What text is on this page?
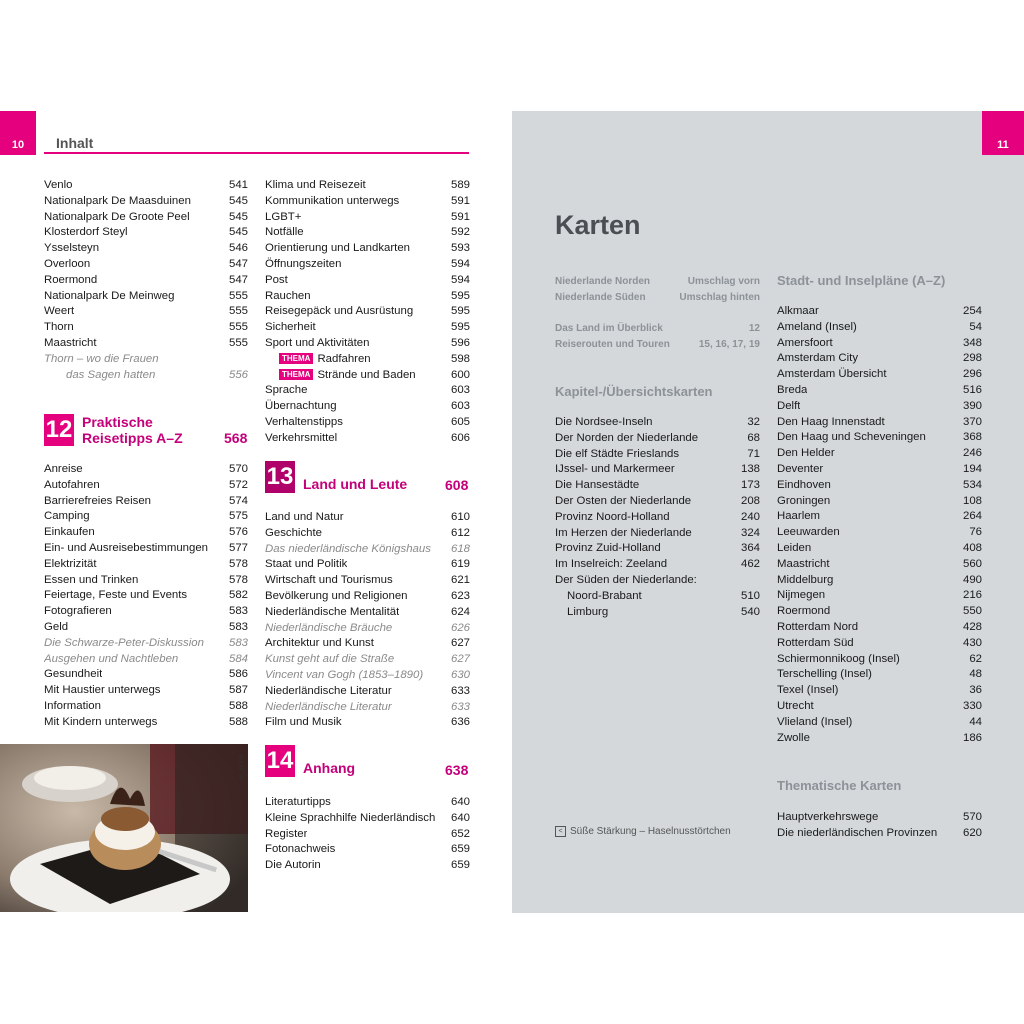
10 Inhalt
Venlo	541
Nationalpark De Maasduinen	545
Nationalpark De Groote Peel	545
Klosterdorf Steyl	545
Ysselsteyn	546
Overloon	547
Roermond	547
Nationalpark De Meinweg	555
Weert	555
Thorn	555
Maastricht	555
Thorn – wo die Frauen
das Sagen hatten	556
12 Praktische
Reisetipps A–Z	568
Anreise	570
Autofahren	572
Barrierefreies Reisen	574
Camping	575
Einkaufen	576
Ein- und Ausreisebestimmungen 577
Elektrizität	578
Essen und Trinken	578
Feiertage, Feste und Events	582
Fotografieren	583
Geld	583
Die Schwarze-Peter-Diskussion 583
Ausgehen und Nachtleben	584
Gesundheit	586
Mit Haustier unterwegs	587
Information	588
Mit Kindern unterwegs	588
Klima und Reisezeit	589
Kommunikation unterwegs	591
LGBT+	591
Notfälle	592
Orientierung und Landkarten	593
Öffnungszeiten	594
Post	594
Rauchen	595
Reisegepäck und Ausrüstung	595
Sicherheit	595
Sport und Aktivitäten	596
THEMA Radfahren	598
THEMA Strände und Baden	600
Sprache	603
Übernachtung	603
Verhaltenstipps	605
Verkehrsmittel	606
13 Land und Leute	608
Land und Natur	610
Geschichte	612
Das niederländische Königshaus 618
Staat und Politik	619
Wirtschaft und Tourismus	621
Bevölkerung und Religionen	623
Niederländische Mentalität	624
Niederländische Bräuche	626
Architektur und Kunst	627
Kunst geht auf die Straße	627
Vincent van Gogh (1853–1890) 630
Niederländische Literatur	633
Niederländische Literatur	633
Film und Musik	636
14 Anhang	638
Literaturtipps	640
Kleine Sprachhilfe Niederländisch 640
Register	652
Fotonachweis	659
Die Autorin	659
nl_347 rs
11
Karten
Niederlande Norden	Umschlag vorn
Niederlande Süden	Umschlag hinten
Das Land im Überblick	12
Reiserouten und Touren	15, 16, 17, 19
Kapitel-/Übersichtskarten
Die Nordsee-Inseln	32
Der Norden der Niederlande	68
Die elf Städte Frieslands	71
IJssel- und Markermeer	138
Die Hansestädte	173
Der Osten der Niederlande	208
Provinz Noord-Holland	240
Im Herzen der Niederlande	324
Provinz Zuid-Holland	364
Im Inselreich: Zeeland	462
Der Süden der Niederlande:
Noord-Brabant	510
Limburg	540
Stadt- und Inselpläne (A–Z)
Alkmaar	254
Ameland (Insel)	54
Amersfoort	348
Amsterdam City	298
Amsterdam Übersicht	296
Breda	516
Delft	390
Den Haag Innenstadt	370
Den Haag und Scheveningen	368
Den Helder	246
Deventer	194
Eindhoven	534
Groningen	108
Haarlem	264
Leeuwarden	76
Leiden	408
Maastricht	560
Middelburg	490
Nijmegen	216
Roermond	550
Rotterdam Nord	428
Rotterdam Süd	430
Schiermonnikoog (Insel)	62
Terschelling (Insel)	48
Texel (Insel)	36
Utrecht	330
Vlieland (Insel)	44
Zwolle	186
Thematische Karten
Hauptverkehrswege	570
Die niederländischen Provinzen 620
< Süße Stärkung – Haselnusstörtchen
